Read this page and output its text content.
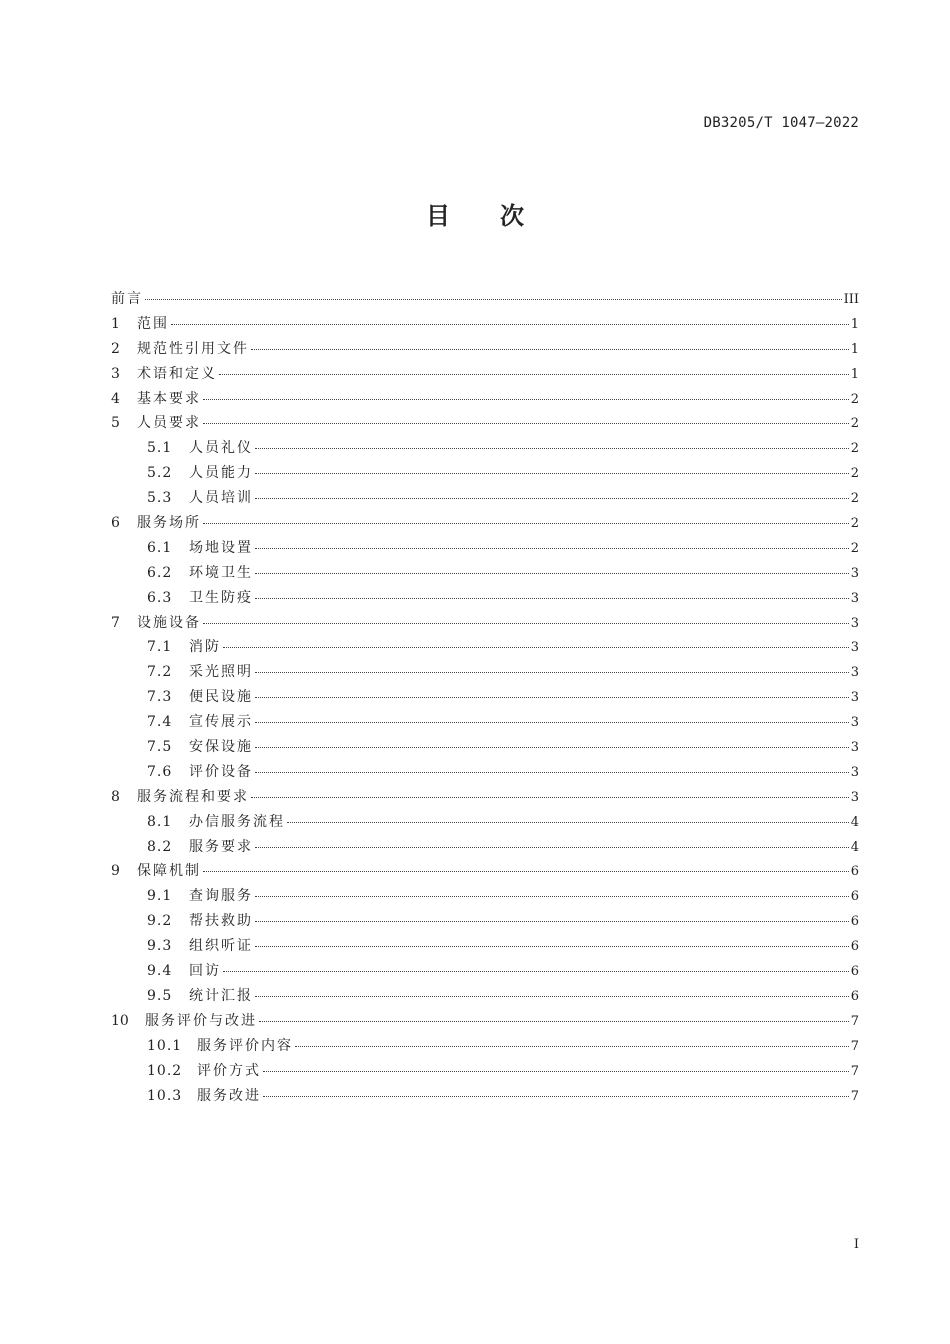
DB3205/T 1047—2022
目 次
前言	III
1	范围	1
2	规范性引用文件	1
3	术语和定义	1
4	基本要求	2
5	人员要求	2
5.1	人员礼仪	2
5.2	人员能力	2
5.3	人员培训	2
6	服务场所	2
6.1	场地设置	2
6.2	环境卫生	3
6.3	卫生防疫	3
7	设施设备	3
7.1	消防	3
7.2	采光照明	3
7.3	便民设施	3
7.4	宣传展示	3
7.5	安保设施	3
7.6	评价设备	3
8	服务流程和要求	3
8.1	办信服务流程	4
8.2	服务要求	4
9	保障机制	6
9.1	查询服务	6
9.2	帮扶救助	6
9.3	组织听证	6
9.4	回访	6
9.5	统计汇报	6
10	服务评价与改进	7
10.1	服务评价内容	7
10.2	评价方式	7
10.3	服务改进	7
I
